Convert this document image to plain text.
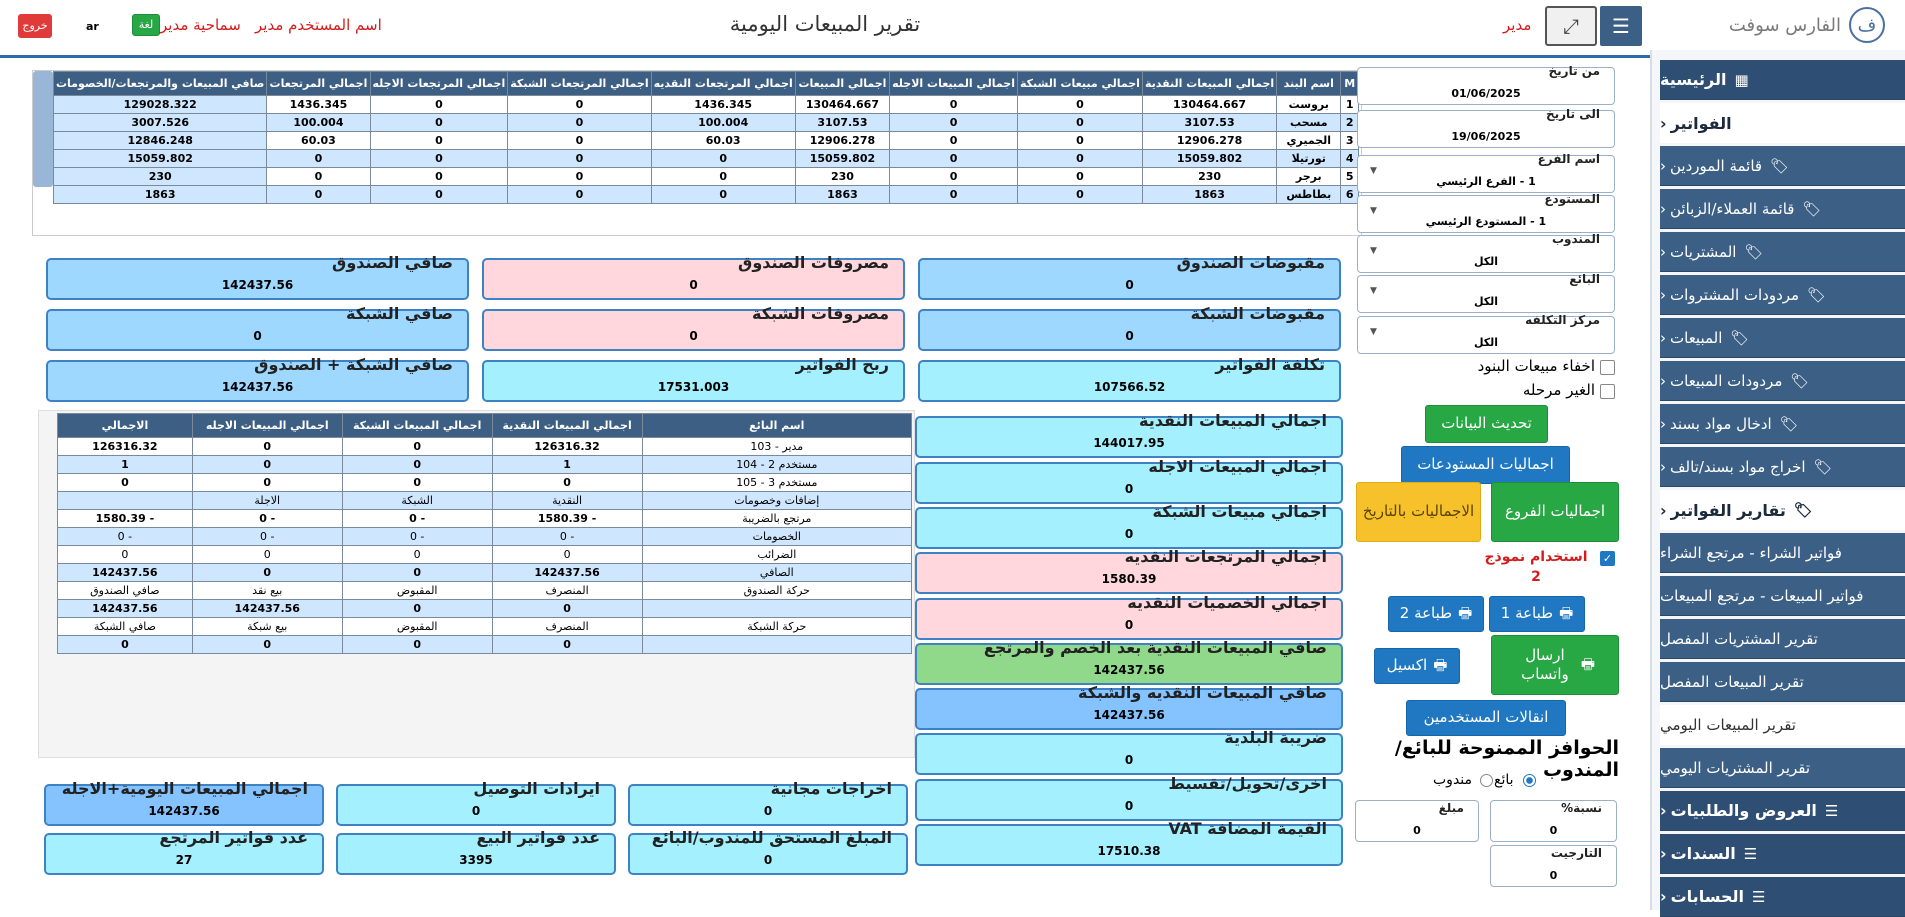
خروج	ar	لغة سماحية مدير اسم المستخدم مدير	تقرير المبيعات اليومية	مدير ⤢ ☰
صافي المبيعات والمرتجعات/الخصومات	اجمالي المرتجعات	اجمالي المرتجعات الاجله	اجمالي المرتجعات الشبكة	اجمالي المرتجعات النقديه	اجمالي المبيعات	اجمالي المبيعات الاجله	اجمالي مبيعات الشبكة	اجمالي المبيعات النقدية	اسم البند	M
129028.322	1436.345	0	0	1436.345	130464.667	0	0	130464.667	بروست	1
3007.526	100.004	0	0	100.004	3107.53	0	0	3107.53	مسحب	2
12846.248	60.03	0	0	60.03	12906.278	0	0	12906.278	الجميري	3
15059.802	0	0	0	0	15059.802	0	0	15059.802	تورتيلا	4
230	0	0	0	0	230	0	0	230	برجر	5
1863	0	0	0	0	1863	0	0	1863	بطاطس	6
مقبوضات الصندوق
0
مصروفات الصندوق
0
صافي الصندوق
142437.56
مقبوضات الشبكة
0
مصروفات الشبكة
0
صافي الشبكة
0
تكلفة الفواتير
107566.52
ربح الفواتير
17531.003
صافي الشبكة + الصندوق
142437.56
الاجمالي	اجمالي المبيعات الاجله	اجمالي المبيعات الشبكة	اجمالي المبيعات النقدية	اسم البائع
126316.32	0	0	126316.32	103 - مدير
1	0	0	1	104 - مستخدم 2
0	0	0	0	105 - مستخدم 3
	الاجلة	الشبكة	النقدية	إضافات وخصومات
1580.39 -	0 -	0 -	1580.39 -	مرتجع بالضريبة
0 -	0 -	0 -	0 -	الخصومات
0	0	0	0	الضرائب
142437.56	0	0	142437.56	الصافي
صافي الصندوق	بيع نقد	المقبوض	المنصرف	حركة الصندوق
142437.56	142437.56	0	0	
صافي الشبكة	بيع شبكة	المقبوض	المنصرف	حركة الشبكة
0	0	0	0	
اجمالي المبيعات النقدية
144017.95
اجمالي المبيعات الاجله
0
اجمالي مبيعات الشبكة
0
اجمالي المرتجعات النقديه
1580.39
اجمالي الخصميات النقديه
0
صافي المبيعات النقدية بعد الخصم والمرتجع
142437.56
صافي المبيعات النقديه والشبكة
142437.56
ضريبة البلدية
0
اخرى/تحويل/تقسيط
0
القيمة المضافة VAT
17510.38
اخراجات مجانية
0
ايرادات التوصيل
0
اجمالي المبيعات اليومية+الاجله
142437.56
المبلغ المستحق للمندوب/البائع
0
عدد فواتير البيع
3395
عدد فواتير المرتجع
27
من تاريخ
01/06/2025
الى تاريخ
19/06/2025
اسم الفرع
1 - الفرع الرئيسي
▼
المستودع
1 - المستودع الرئيسي
▼
المندوب
الكل
▼
البائع
الكل
▼
مركز التكلفه
الكل
▼
اخفاء مبيعات البنود
الغير مرحله
تحديث البيانات
اجماليات المستودعات
اجماليات الفروع
الاجماليات بالتاريخ
✓
استخدام نموذج 2
🖶
طباعة 1
🖶
طباعة 2
🖶
ارسال واتساب
🖶
اكسيل
انقالات المستخدمين
الحوافز الممنوحة للبائع/المندوب
بائع
مندوب
نسبة%
0
مبلغ
0
التارجيت
0
الفارس سوفت ف
▦
الرئيسية
الفواتير
‹
🏷
قائمة الموردين
‹
🏷
قائمة العملاء/الزبائن
‹
🏷
المشتريات
‹
🏷
مردودات المشتروات
‹
🏷
المبيعات
‹
🏷
مردودات المبيعات
‹
🏷
ادخال مواد بسند
‹
🏷
اخراج مواد بسند/تالف
‹
🏷
تقارير الفواتير
‹
فواتير الشراء - مرتجع الشراء
فواتير المبيعات - مرتجع المبيعات
تقرير المشتريات المفصل
تقرير المبيعات المفصل
تقرير المبيعات اليومي
تقرير المشتريات اليومي
☰
العروض والطلبيات
‹
☰
السندات
‹
☰
الحسابات
‹
